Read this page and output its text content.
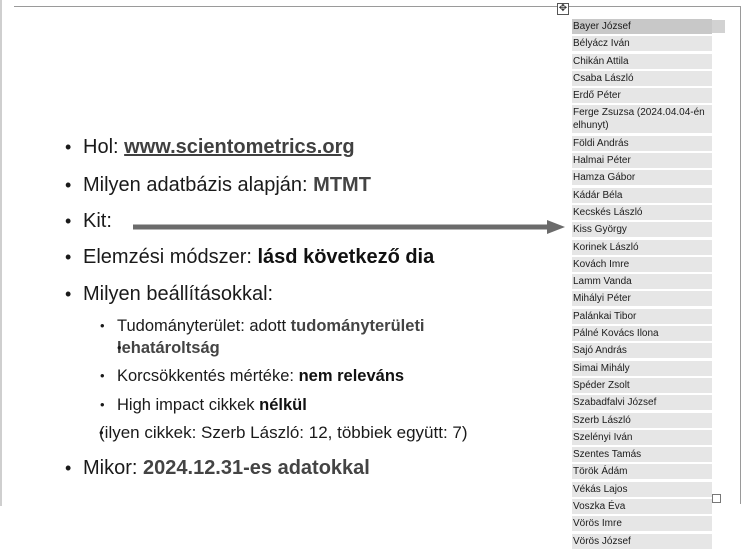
✥
• Hol: www.scientometrics.org
• Milyen adatbázis alapján: MTMT
• Kit:
• Elemzési módszer: lásd következő dia
• Milyen beállításokkal:
• Tudományterület: adott tudományterületi
• lehatároltság
• Korcsökkentés mértéke: nem releváns
• High impact cikkek nélkül
• (ilyen cikkek: Szerb László: 12, többiek együtt: 7)
• Mikor: 2024.12.31-es adatokkal
Bayer József
Bélyácz Iván
Chikán Attila
Csaba László
Erdő Péter
Ferge Zsuzsa (2024.04.04-én elhunyt)
Földi András
Halmai Péter
Hamza Gábor
Kádár Béla
Kecskés László
Kiss György
Korinek László
Kovách Imre
Lamm Vanda
Mihályi Péter
Palánkai Tibor
Pálné Kovács Ilona
Sajó András
Simai Mihály
Spéder Zsolt
Szabadfalvi József
Szerb László
Szelényi Iván
Szentes Tamás
Török Ádám
Vékás Lajos
Voszka Éva
Vörös Imre
Vörös József
